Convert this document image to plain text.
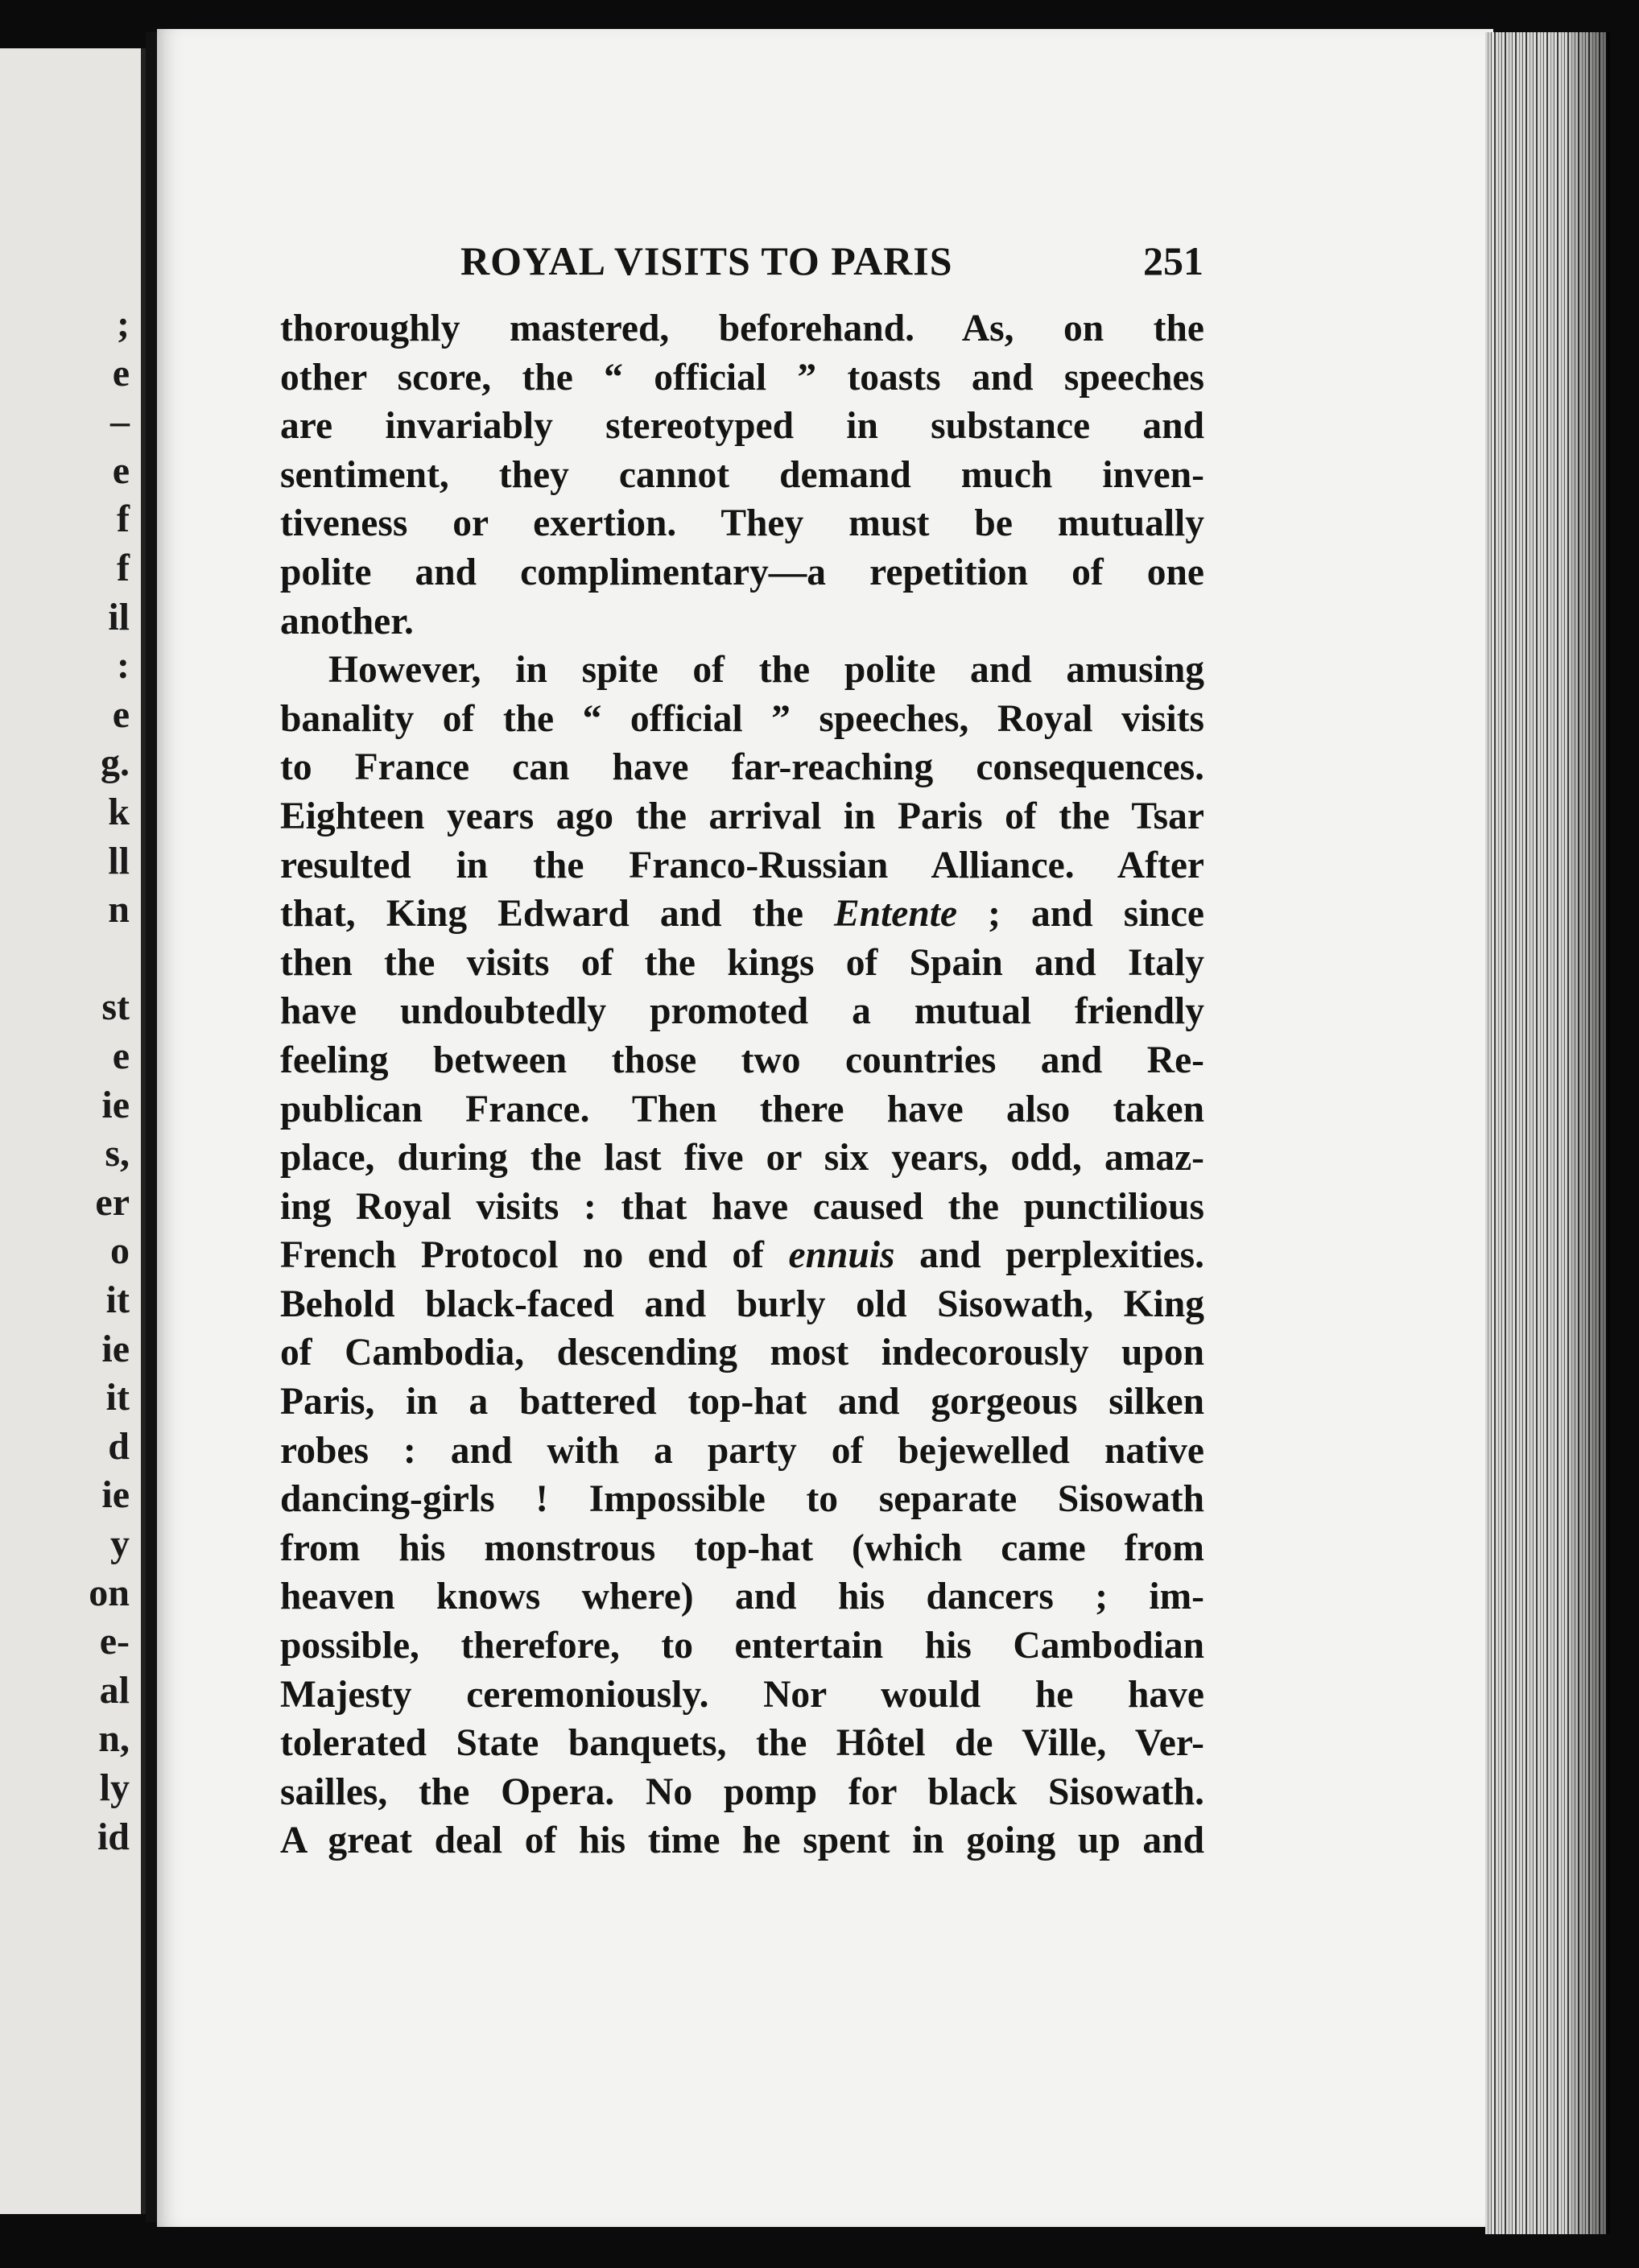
;
e
–
e
f
f
il
:
e
g.
k
ll
n
st
e
ie
s,
er
o
it
ie
it
d
ie
y
on
e-
al
n,
ly
id
ROYAL VISITS TO PARIS	251
thoroughly mastered, beforehand. As, on the
other score, the “ official ” toasts and speeches
are invariably stereotyped in substance and
sentiment, they cannot demand much inven-
tiveness or exertion. They must be mutually
polite and complimentary—a repetition of one
another.
However, in spite of the polite and amusing
banality of the “ official ” speeches, Royal visits
to France can have far-reaching consequences.
Eighteen years ago the arrival in Paris of the Tsar
resulted in the Franco-Russian Alliance. After
that, King Edward and the Entente ; and since
then the visits of the kings of Spain and Italy
have undoubtedly promoted a mutual friendly
feeling between those two countries and Re-
publican France. Then there have also taken
place, during the last five or six years, odd, amaz-
ing Royal visits : that have caused the punctilious
French Protocol no end of ennuis and perplexities.
Behold black-faced and burly old Sisowath, King
of Cambodia, descending most indecorously upon
Paris, in a battered top-hat and gorgeous silken
robes : and with a party of bejewelled native
dancing-girls ! Impossible to separate Sisowath
from his monstrous top-hat (which came from
heaven knows where) and his dancers ; im-
possible, therefore, to entertain his Cambodian
Majesty ceremoniously. Nor would he have
tolerated State banquets, the Hôtel de Ville, Ver-
sailles, the Opera. No pomp for black Sisowath.
A great deal of his time he spent in going up and
